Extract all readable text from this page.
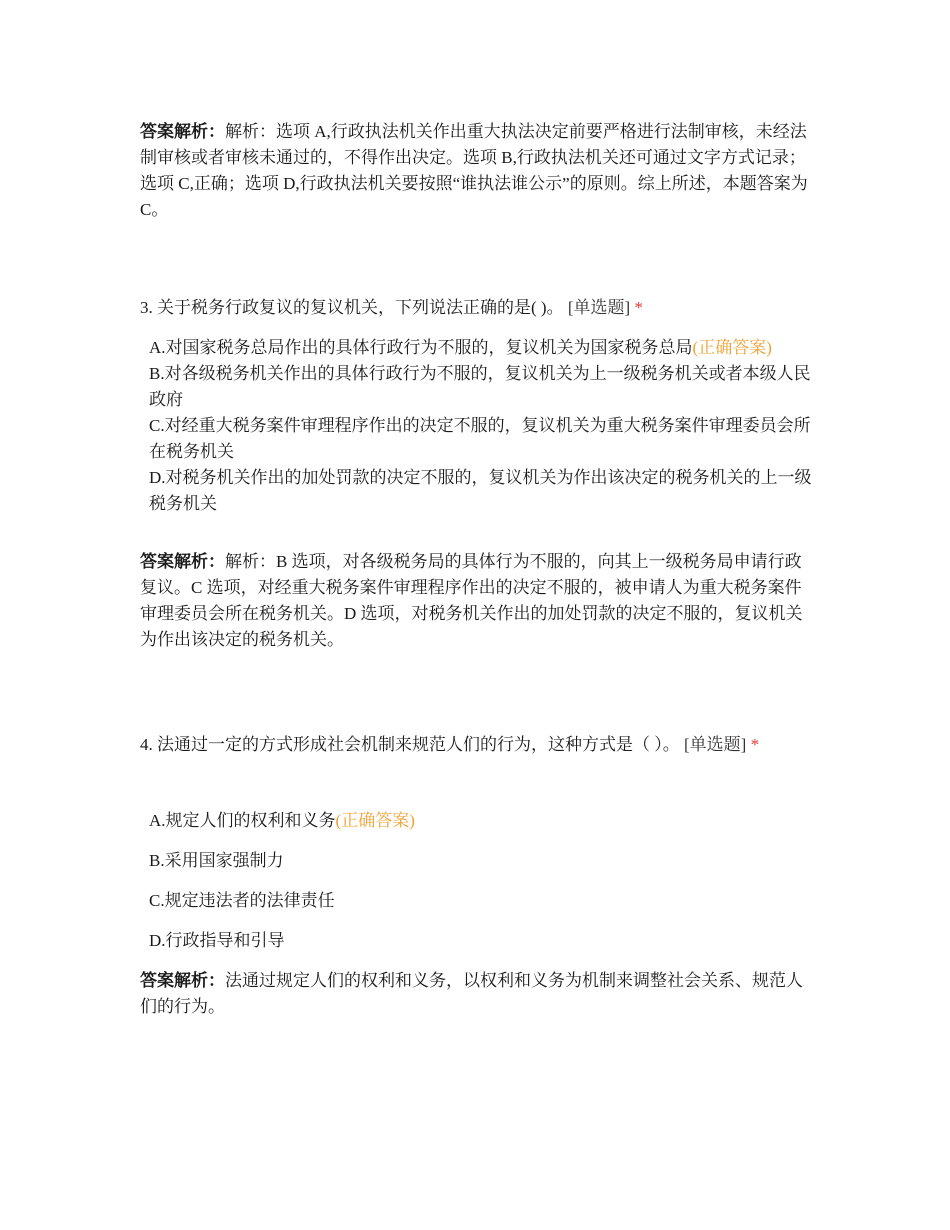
答案解析：解析：选项 A,行政执法机关作出重大执法决定前要严格进行法制审核，未经法制审核或者审核未通过的，不得作出决定。选项 B,行政执法机关还可通过文字方式记录；选项 C,正确；选项 D,行政执法机关要按照“谁执法谁公示”的原则。综上所述，本题答案为 C。

3. 关于税务行政复议的复议机关，下列说法正确的是( )。 [单选题] *

A.对国家税务总局作出的具体行政行为不服的，复议机关为国家税务总局(正确答案)

B.对各级税务机关作出的具体行政行为不服的，复议机关为上一级税务机关或者本级人民政府

C.对经重大税务案件审理程序作出的决定不服的，复议机关为重大税务案件审理委员会所在税务机关

D.对税务机关作出的加处罚款的决定不服的，复议机关为作出该决定的税务机关的上一级税务机关

答案解析：解析：B 选项，对各级税务局的具体行为不服的，向其上一级税务局申请行政复议。C 选项，对经重大税务案件审理程序作出的决定不服的，被申请人为重大税务案件审理委员会所在税务机关。D 选项，对税务机关作出的加处罚款的决定不服的，复议机关为作出该决定的税务机关。

4. 法通过一定的方式形成社会机制来规范人们的行为，这种方式是（ ）。 [单选题] *

A.规定人们的权利和义务(正确答案)

B.采用国家强制力

C.规定违法者的法律责任

D.行政指导和引导

答案解析：法通过规定人们的权利和义务，以权利和义务为机制来调整社会关系、规范人们的行为。
